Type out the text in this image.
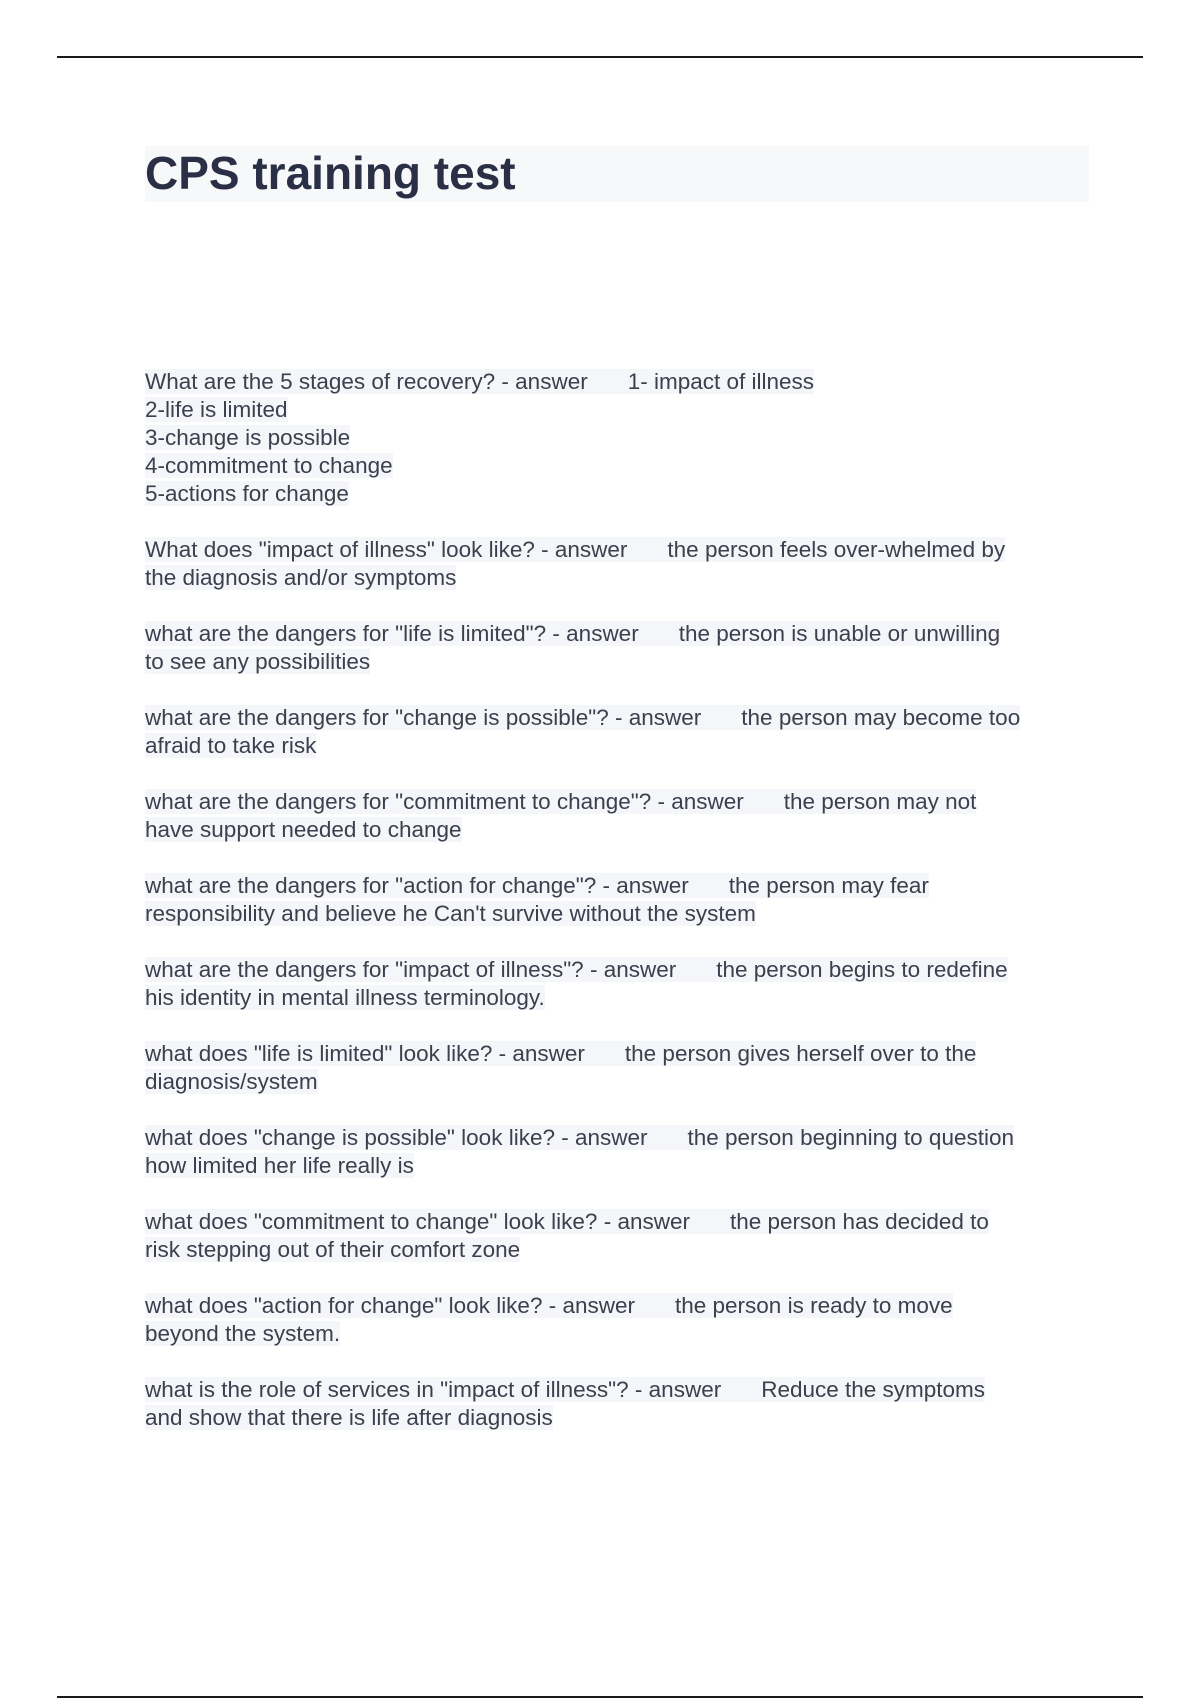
CPS training test

What are the 5 stages of recovery? - answer 1- impact of illness

2-life is limited

3-change is possible

4-commitment to change

5-actions for change

What does "impact of illness" look like? - answer the person feels over-whelmed by

the diagnosis and/or symptoms

what are the dangers for "life is limited"? - answer the person is unable or unwilling

to see any possibilities

what are the dangers for "change is possible"? - answer the person may become too

afraid to take risk

what are the dangers for "commitment to change"? - answer the person may not

have support needed to change

what are the dangers for "action for change"? - answer the person may fear

responsibility and believe he Can't survive without the system

what are the dangers for "impact of illness"? - answer the person begins to redefine

his identity in mental illness terminology.

what does "life is limited" look like? - answer the person gives herself over to the

diagnosis/system

what does "change is possible" look like? - answer the person beginning to question

how limited her life really is

what does "commitment to change" look like? - answer the person has decided to

risk stepping out of their comfort zone

what does "action for change" look like? - answer the person is ready to move

beyond the system.

what is the role of services in "impact of illness"? - answer Reduce the symptoms

and show that there is life after diagnosis
